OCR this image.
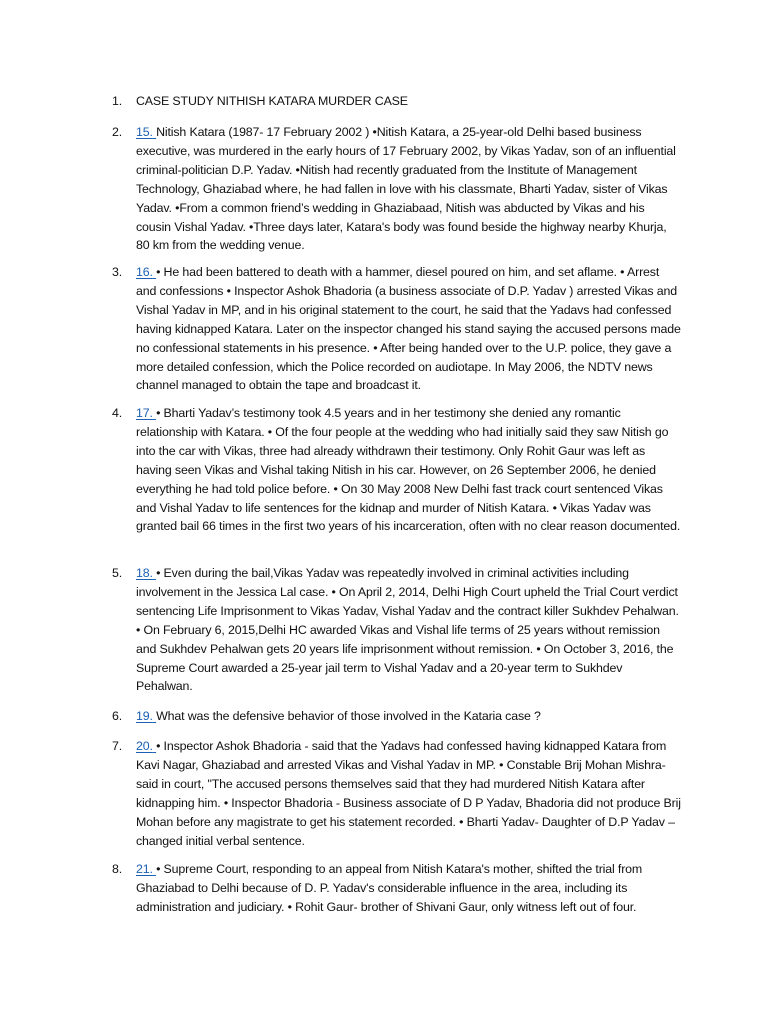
1.	CASE STUDY NITHISH KATARA MURDER CASE
2.	15. Nitish Katara (1987- 17 February 2002 ) •Nitish Katara, a 25-year-old Delhi based business executive, was murdered in the early hours of 17 February 2002, by Vikas Yadav, son of an influential criminal-politician D.P. Yadav. •Nitish had recently graduated from the Institute of Management Technology, Ghaziabad where, he had fallen in love with his classmate, Bharti Yadav, sister of Vikas Yadav. •From a common friend’s wedding in Ghaziabaad, Nitish was abducted by Vikas and his cousin Vishal Yadav. •Three days later, Katara's body was found beside the highway nearby Khurja, 80 km from the wedding venue.
3.	16. • He had been battered to death with a hammer, diesel poured on him, and set aflame. • Arrest and confessions • Inspector Ashok Bhadoria (a business associate of D.P. Yadav ) arrested Vikas and Vishal Yadav in MP, and in his original statement to the court, he said that the Yadavs had confessed having kidnapped Katara. Later on the inspector changed his stand saying the accused persons made no confessional statements in his presence. • After being handed over to the U.P. police, they gave a more detailed confession, which the Police recorded on audiotape. In May 2006, the NDTV news channel managed to obtain the tape and broadcast it.
4.	17. • Bharti Yadav’s testimony took 4.5 years and in her testimony she denied any romantic relationship with Katara. • Of the four people at the wedding who had initially said they saw Nitish go into the car with Vikas, three had already withdrawn their testimony. Only Rohit Gaur was left as having seen Vikas and Vishal taking Nitish in his car. However, on 26 September 2006, he denied everything he had told police before. • On 30 May 2008 New Delhi fast track court sentenced Vikas and Vishal Yadav to life sentences for the kidnap and murder of Nitish Katara. • Vikas Yadav was granted bail 66 times in the first two years of his incarceration, often with no clear reason documented.
5.	18. • Even during the bail,Vikas Yadav was repeatedly involved in criminal activities including involvement in the Jessica Lal case. • On April 2, 2014, Delhi High Court upheld the Trial Court verdict sentencing Life Imprisonment to Vikas Yadav, Vishal Yadav and the contract killer Sukhdev Pehalwan. • On February 6, 2015,Delhi HC awarded Vikas and Vishal life terms of 25 years without remission and Sukhdev Pehalwan gets 20 years life imprisonment without remission. • On October 3, 2016, the Supreme Court awarded a 25-year jail term to Vishal Yadav and a 20-year term to Sukhdev Pehalwan.
6.	19. What was the defensive behavior of those involved in the Kataria case ?
7.	20. • Inspector Ashok Bhadoria - said that the Yadavs had confessed having kidnapped Katara from Kavi Nagar, Ghaziabad and arrested Vikas and Vishal Yadav in MP. • Constable Brij Mohan Mishra- said in court, "The accused persons themselves said that they had murdered Nitish Katara after kidnapping him. • Inspector Bhadoria - Business associate of D P Yadav, Bhadoria did not produce Brij Mohan before any magistrate to get his statement recorded. • Bharti Yadav- Daughter of D.P Yadav – changed initial verbal sentence.
8.	21. • Supreme Court, responding to an appeal from Nitish Katara's mother, shifted the trial from Ghaziabad to Delhi because of D. P. Yadav's considerable influence in the area, including its administration and judiciary. • Rohit Gaur- brother of Shivani Gaur, only witness left out of four.
